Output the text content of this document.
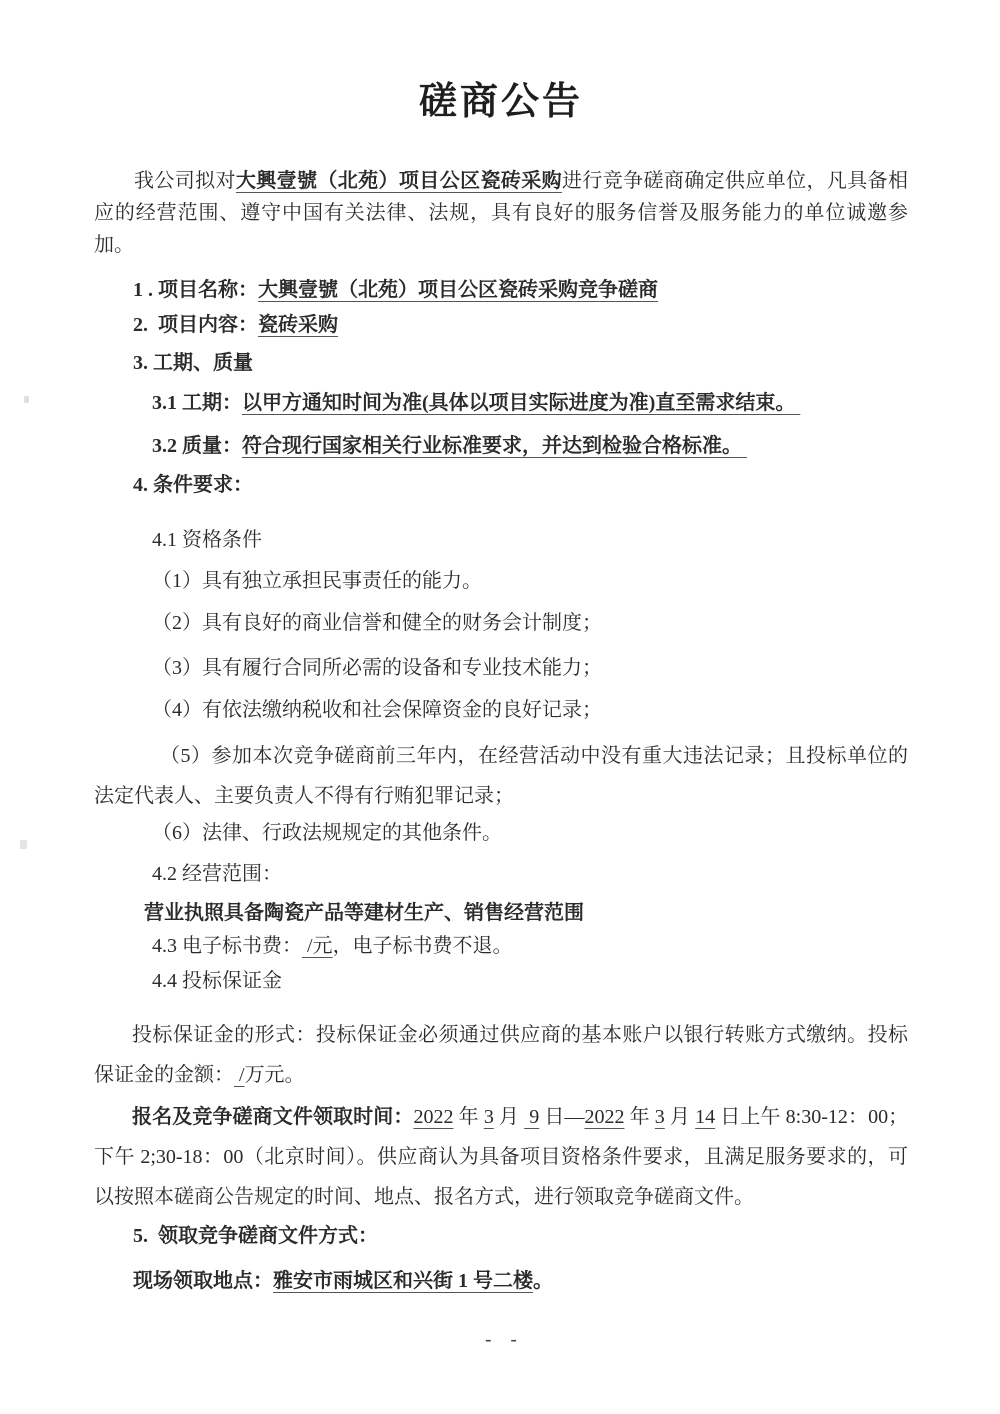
磋商公告

我公司拟对大興壹號（北苑）项目公区瓷砖采购进行竞争磋商确定供应单位，凡具备相应的经营范围、遵守中国有关法律、法规，具有良好的服务信誉及服务能力的单位诚邀参加。

1 . 项目名称：大興壹號（北苑）项目公区瓷砖采购竞争磋商

2.  项目内容：瓷砖采购

3. 工期、质量

3.1 工期：以甲方通知时间为准(具体以项目实际进度为准)直至需求结束。

3.2 质量：符合现行国家相关行业标准要求，并达到检验合格标准。

4. 条件要求：

4.1 资格条件

（1）具有独立承担民事责任的能力。

（2）具有良好的商业信誉和健全的财务会计制度；

（3）具有履行合同所必需的设备和专业技术能力；

（4）有依法缴纳税收和社会保障资金的良好记录；

（5）参加本次竞争磋商前三年内，在经营活动中没有重大违法记录；且投标单位的法定代表人、主要负责人不得有行贿犯罪记录；

（6）法律、行政法规规定的其他条件。

4.2 经营范围：

营业执照具备陶瓷产品等建材生产、销售经营范围

4.3 电子标书费： /元，电子标书费不退。

4.4 投标保证金

投标保证金的形式：投标保证金必须通过供应商的基本账户以银行转账方式缴纳。投标保证金的金额： /万元。

报名及竞争磋商文件领取时间：2022 年 3 月  9 日—2022 年 3 月 14 日上午 8:30-12：00；下午 2;30-18：00（北京时间）。供应商认为具备项目资格条件要求，且满足服务要求的，可以按照本磋商公告规定的时间、地点、报名方式，进行领取竞争磋商文件。

5.  领取竞争磋商文件方式：

现场领取地点：雅安市雨城区和兴街 1 号二楼。

-    -
